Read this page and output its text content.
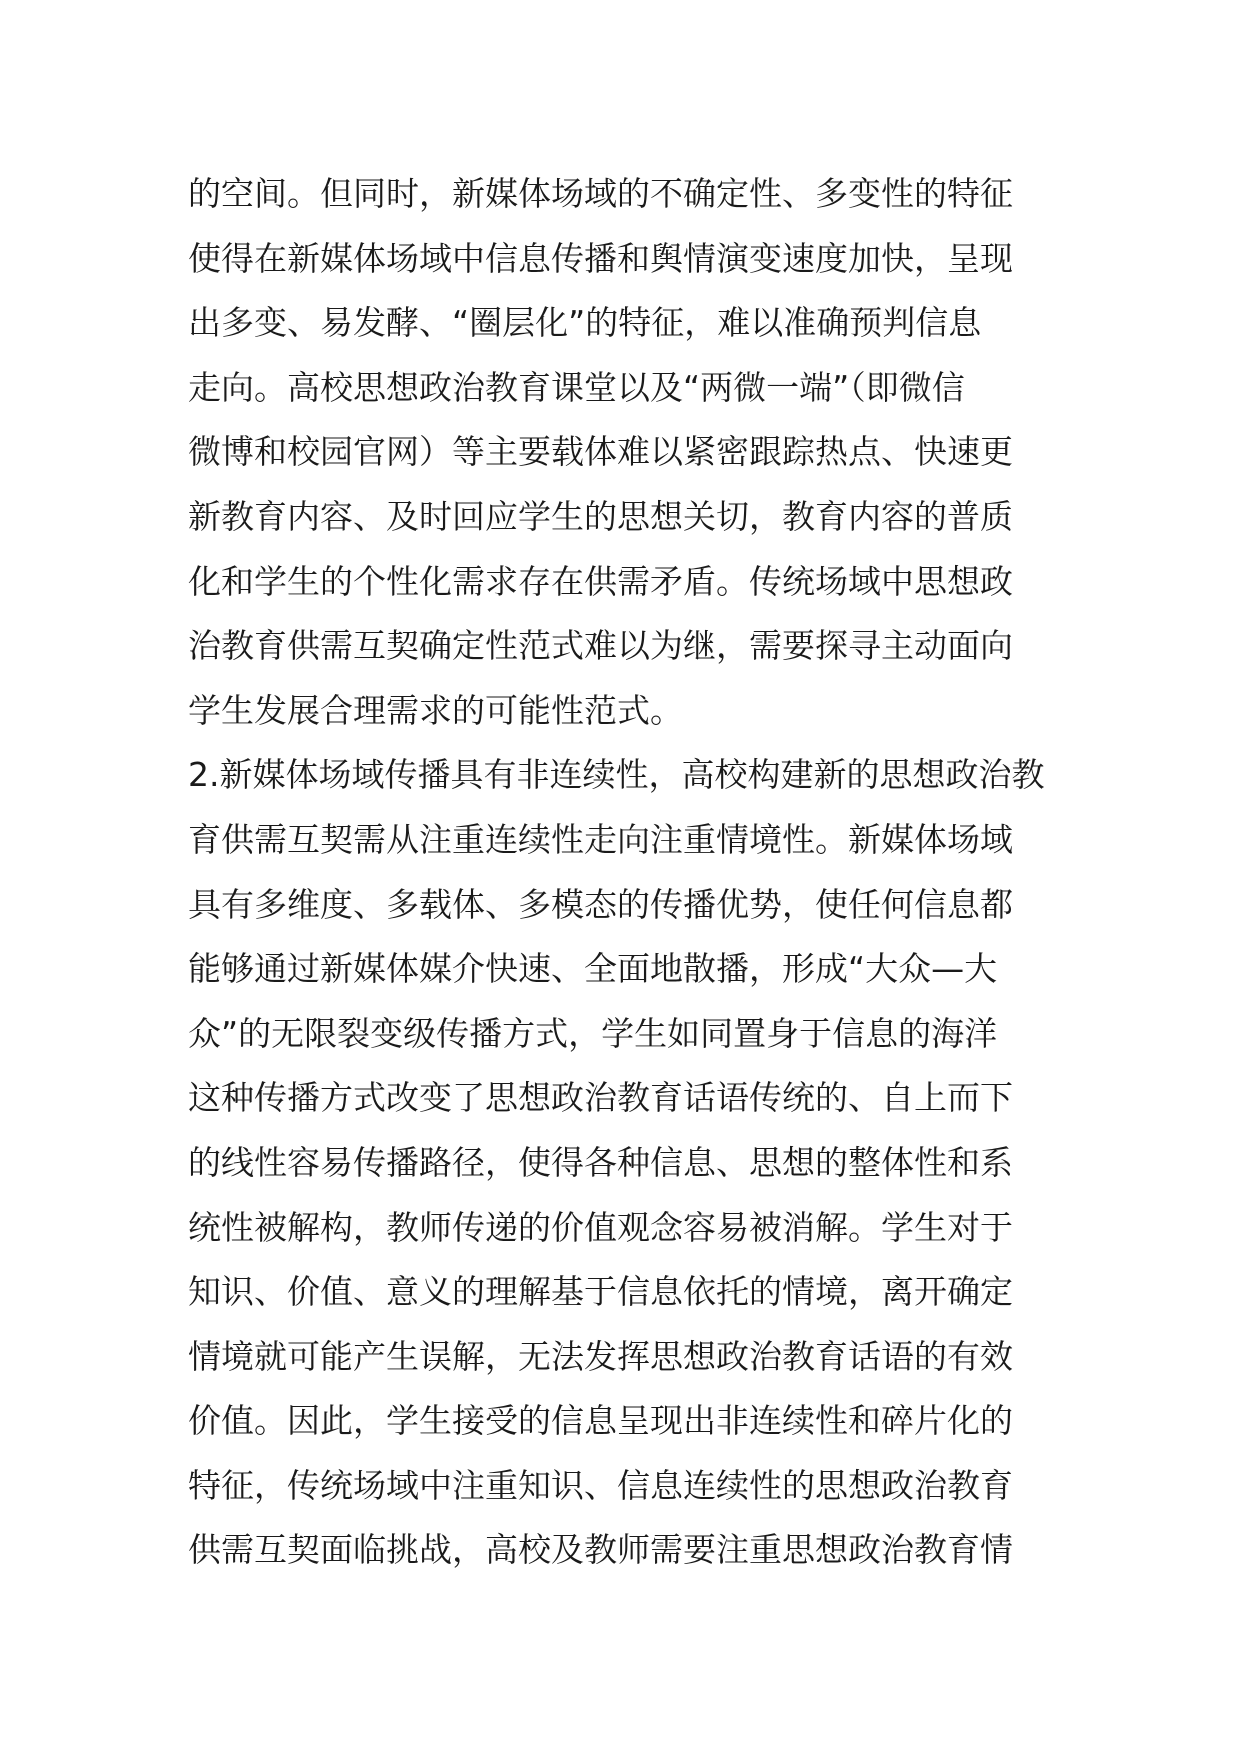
的空间。但同时，新媒体场域的不确定性、多变性的特征
使得在新媒体场域中信息传播和舆情演变速度加快，呈现
出多变、易发酵、“圈层化”的特征，难以准确预判信息
走向。高校思想政治教育课堂以及“两微一端”（即微信
微博和校园官网）等主要载体难以紧密跟踪热点、快速更
新教育内容、及时回应学生的思想关切，教育内容的普质
化和学生的个性化需求存在供需矛盾。传统场域中思想政
治教育供需互契确定性范式难以为继，需要探寻主动面向
学生发展合理需求的可能性范式。
2.新媒体场域传播具有非连续性，高校构建新的思想政治教
育供需互契需从注重连续性走向注重情境性。新媒体场域
具有多维度、多载体、多模态的传播优势，使任何信息都
能够通过新媒体媒介快速、全面地散播，形成“大众—大
众”的无限裂变级传播方式，学生如同置身于信息的海洋
这种传播方式改变了思想政治教育话语传统的、自上而下
的线性容易传播路径，使得各种信息、思想的整体性和系
统性被解构，教师传递的价值观念容易被消解。学生对于
知识、价值、意义的理解基于信息依托的情境，离开确定
情境就可能产生误解，无法发挥思想政治教育话语的有效
价值。因此，学生接受的信息呈现出非连续性和碎片化的
特征，传统场域中注重知识、信息连续性的思想政治教育
供需互契面临挑战，高校及教师需要注重思想政治教育情
